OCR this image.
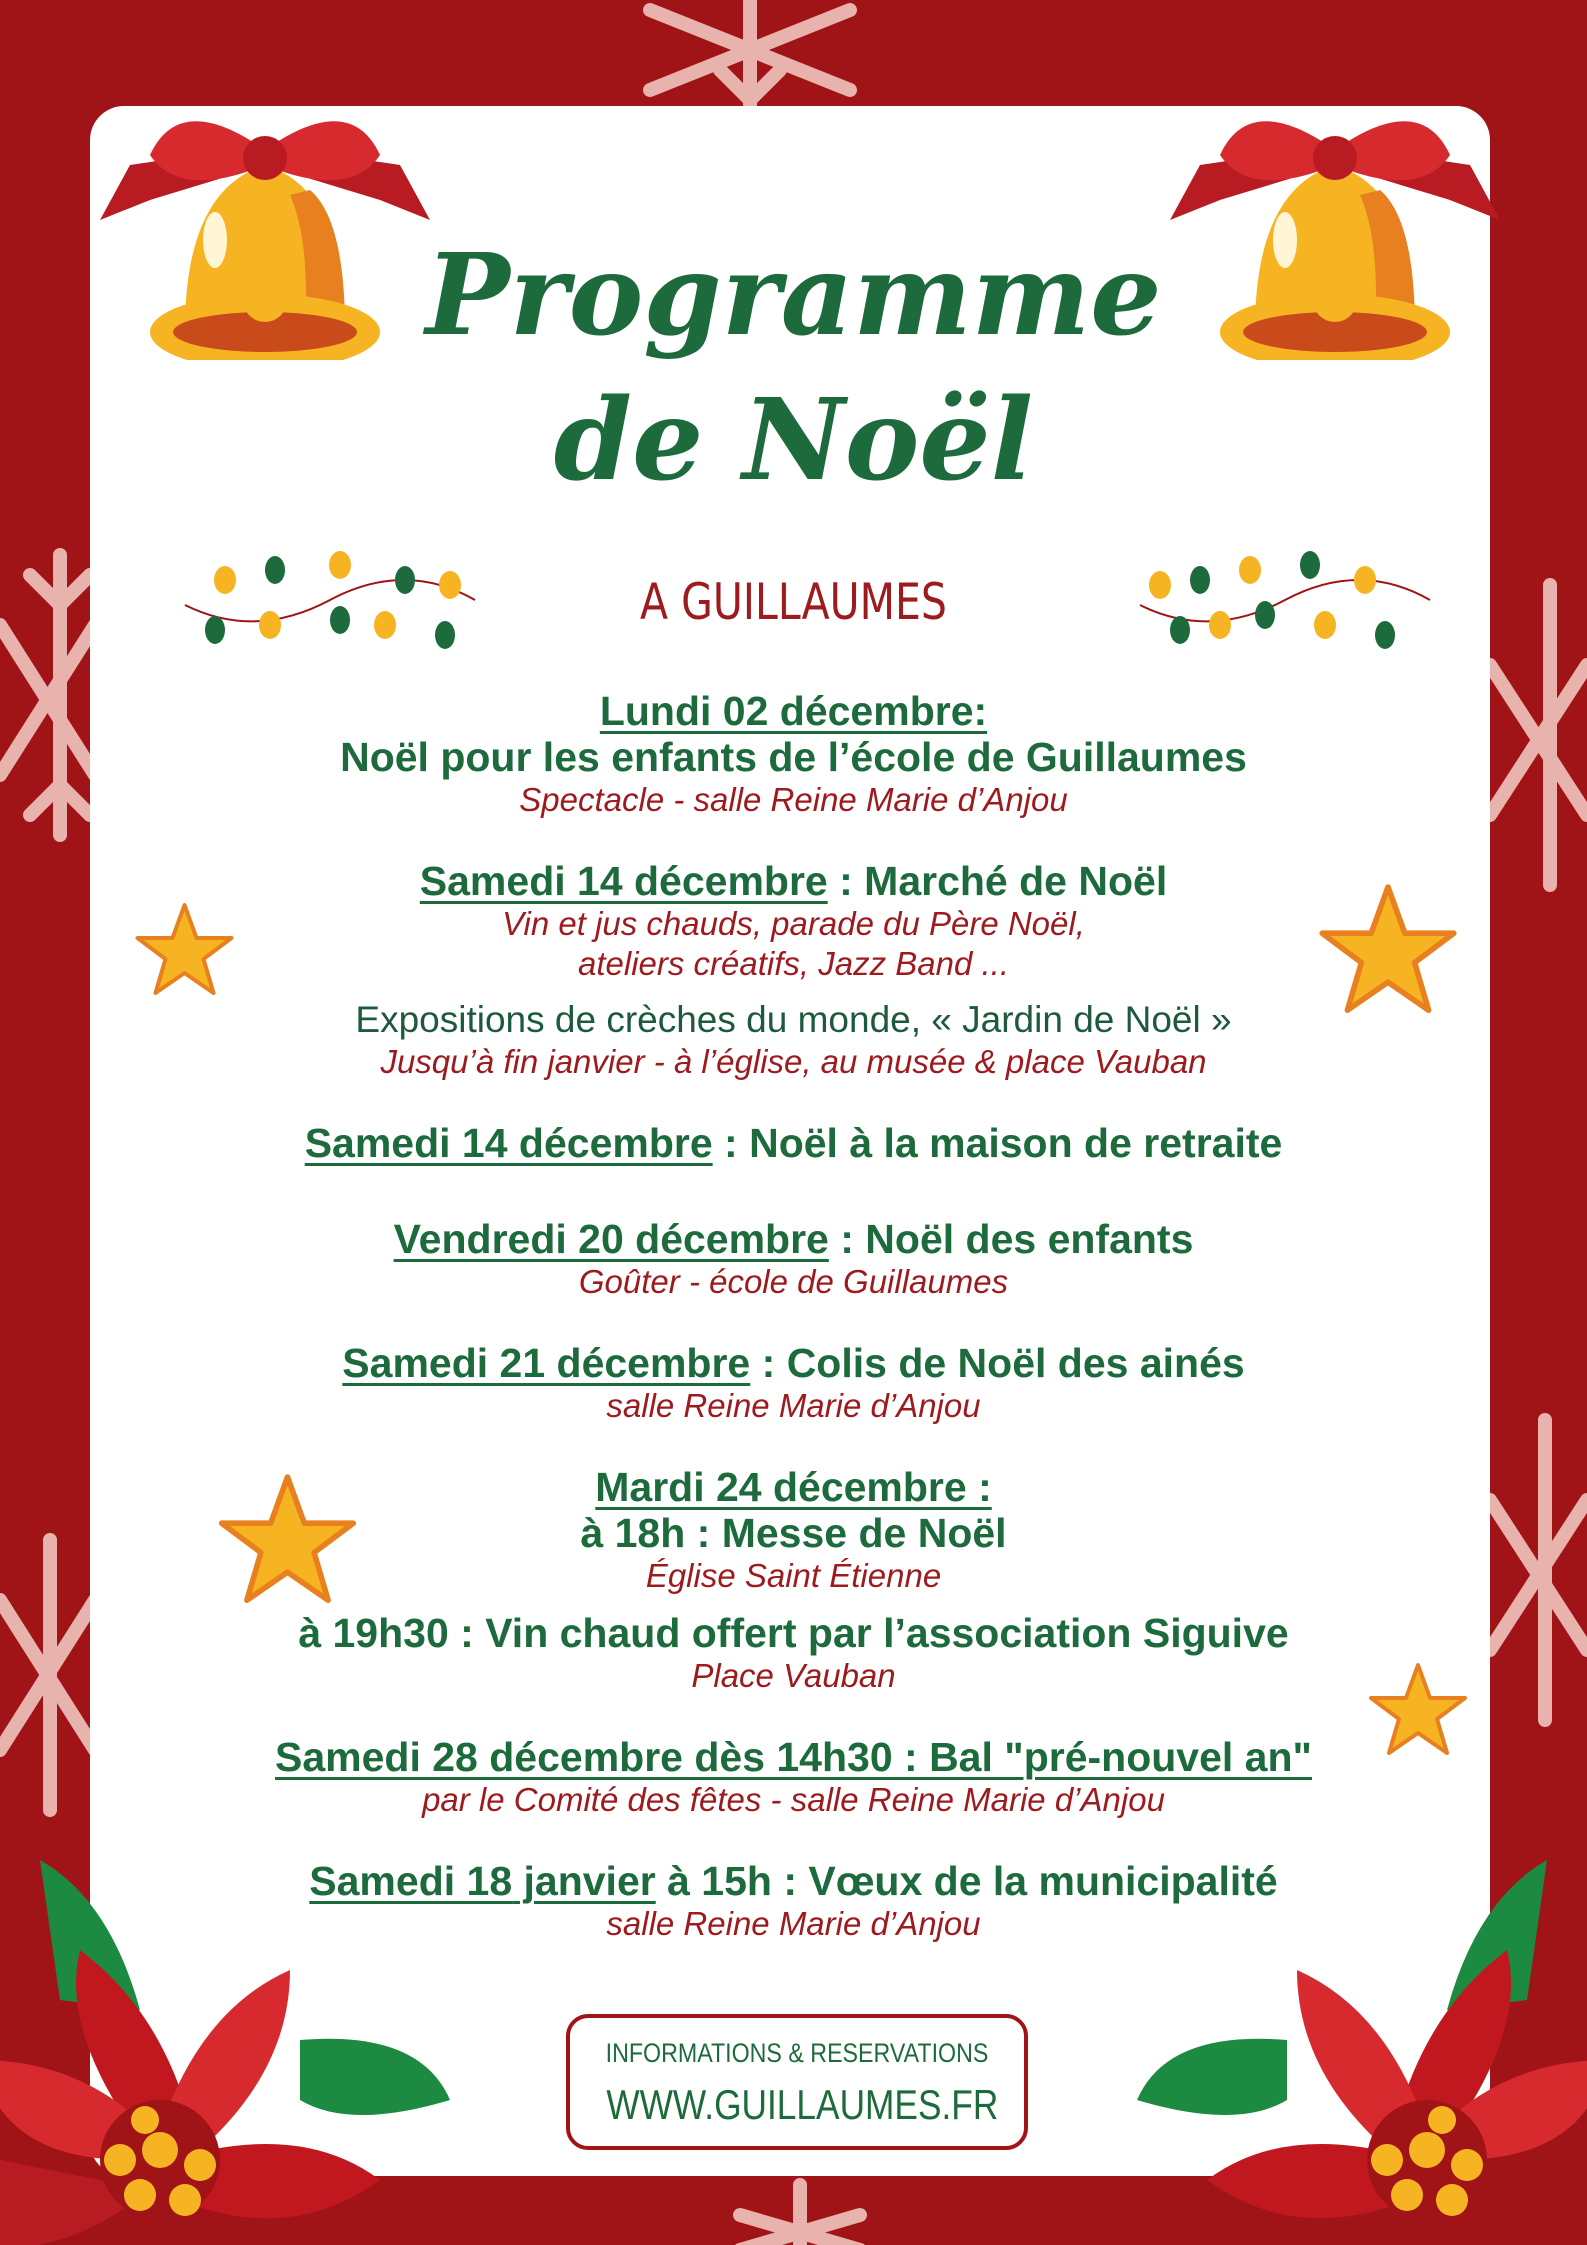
Programme
de Noël
A GUILLAUMES
Lundi 02 décembre:
Noël pour les enfants de l’école de Guillaumes
Spectacle - salle Reine Marie d’Anjou
Samedi 14 décembre : Marché de Noël
Vin et jus chauds, parade du Père Noël,
ateliers créatifs, Jazz Band ...
Expositions de crèches du monde, « Jardin de Noël »
Jusqu’à fin janvier - à l’église, au musée & place Vauban
Samedi 14 décembre : Noël à la maison de retraite
Vendredi 20 décembre : Noël des enfants
Goûter - école de Guillaumes
Samedi 21 décembre : Colis de Noël des ainés
salle Reine Marie d’Anjou
Mardi 24 décembre :
à 18h : Messe de Noël
Église Saint Étienne
à 19h30 : Vin chaud offert par l’association Siguive
Place Vauban
Samedi 28 décembre dès 14h30 : Bal "pré-nouvel an"
par le Comité des fêtes - salle Reine Marie d’Anjou
Samedi 18 janvier à 15h : Vœux de la municipalité
salle Reine Marie d’Anjou
INFORMATIONS & RESERVATIONS
WWW.GUILLAUMES.FR
